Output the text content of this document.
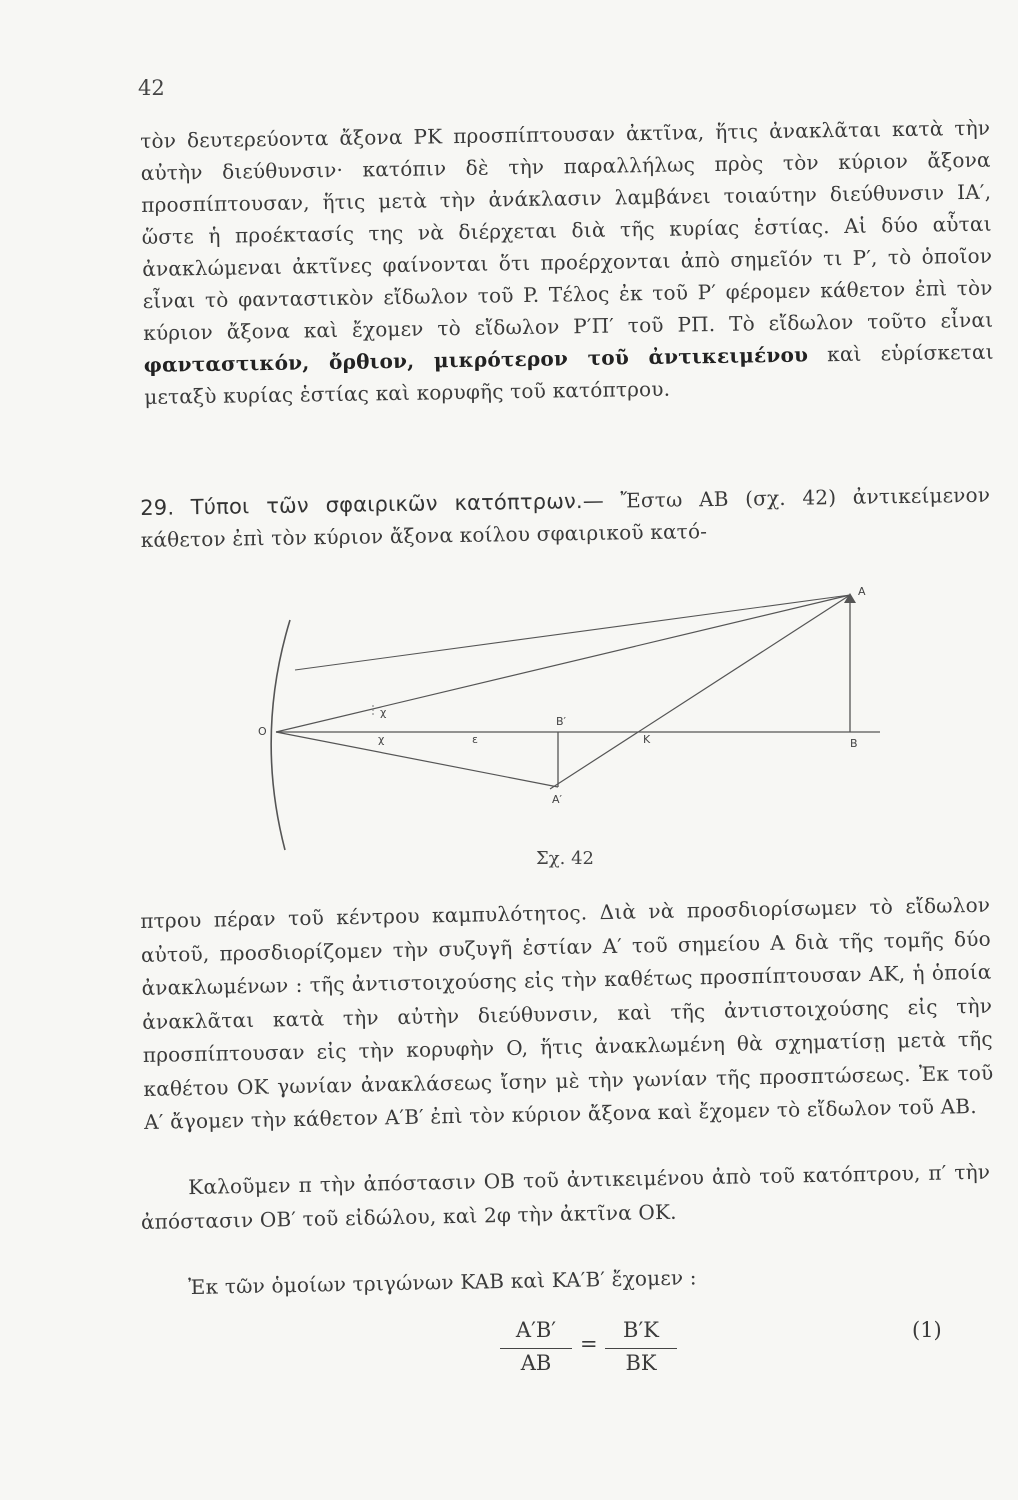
42

τὸν δευτερεύοντα ἄξονα PK προσπίπτουσαν ἀκτῖνα, ἥτις ἀνακλᾶται κατὰ τὴν αὐτὴν διεύθυνσιν· κατόπιν δὲ τὴν παραλλήλως πρὸς τὸν κύριον ἄξονα προσπίπτουσαν, ἥτις μετὰ τὴν ἀνάκλασιν λαμβάνει τοιαύτην διεύθυνσιν IA′, ὥστε ἡ προέκτασίς της νὰ διέρχεται διὰ τῆς κυρίας ἑστίας. Αἱ δύο αὗται ἀνακλώμεναι ἀκτῖνες φαίνονται ὅτι προέρχονται ἀπὸ σημεῖόν τι P′, τὸ ὁποῖον εἶναι τὸ φανταστικὸν εἴδωλον τοῦ P. Τέλος ἐκ τοῦ P′ φέρομεν κάθετον ἐπὶ τὸν κύριον ἄξονα καὶ ἔχομεν τὸ εἴδωλον P′Π′ τοῦ PΠ. Τὸ εἴδωλον τοῦτο εἶναι φανταστικόν, ὄρθιον, μικρότερον τοῦ ἀντικειμένου καὶ εὑρίσκεται μεταξὺ κυρίας ἑστίας καὶ κορυφῆς τοῦ κατόπτρου.

29. Τύποι τῶν σφαιρικῶν κατόπτρων.— Ἔστω AB (σχ. 42) ἀντικείμενον κάθετον ἐπὶ τὸν κύριον ἄξονα κοίλου σφαιρικοῦ κατό-

O
A
B
B′
A′
K
ε
χ
χ
Σχ. 42

πτρου πέραν τοῦ κέντρου καμπυλότητος. Διὰ νὰ προσδιορίσωμεν τὸ εἴδωλον αὐτοῦ, προσδιορίζομεν τὴν συζυγῆ ἑστίαν A′ τοῦ σημείου A διὰ τῆς τομῆς δύο ἀνακλωμένων : τῆς ἀντιστοιχούσης εἰς τὴν καθέτως προσπίπτουσαν AK, ἡ ὁποία ἀνακλᾶται κατὰ τὴν αὐτὴν διεύθυνσιν, καὶ τῆς ἀντιστοιχούσης εἰς τὴν προσπίπτουσαν εἰς τὴν κορυφὴν O, ἥτις ἀνακλωμένη θὰ σχηματίσῃ μετὰ τῆς καθέτου OK γωνίαν ἀνακλάσεως ἴσην μὲ τὴν γωνίαν τῆς προσπτώσεως. Ἐκ τοῦ A′ ἄγομεν τὴν κάθετον A′B′ ἐπὶ τὸν κύριον ἄξονα καὶ ἔχομεν τὸ εἴδωλον τοῦ AB.

Καλοῦμεν π τὴν ἀπόστασιν OB τοῦ ἀντικειμένου ἀπὸ τοῦ κατόπτρου, π′ τὴν ἀπόστασιν OB′ τοῦ εἰδώλου, καὶ 2φ τὴν ἀκτῖνα OK.

Ἐκ τῶν ὁμοίων τριγώνων KAB καὶ KA′B′ ἔχομεν :

A′B′
AB
=
B′K
BK
(1)
